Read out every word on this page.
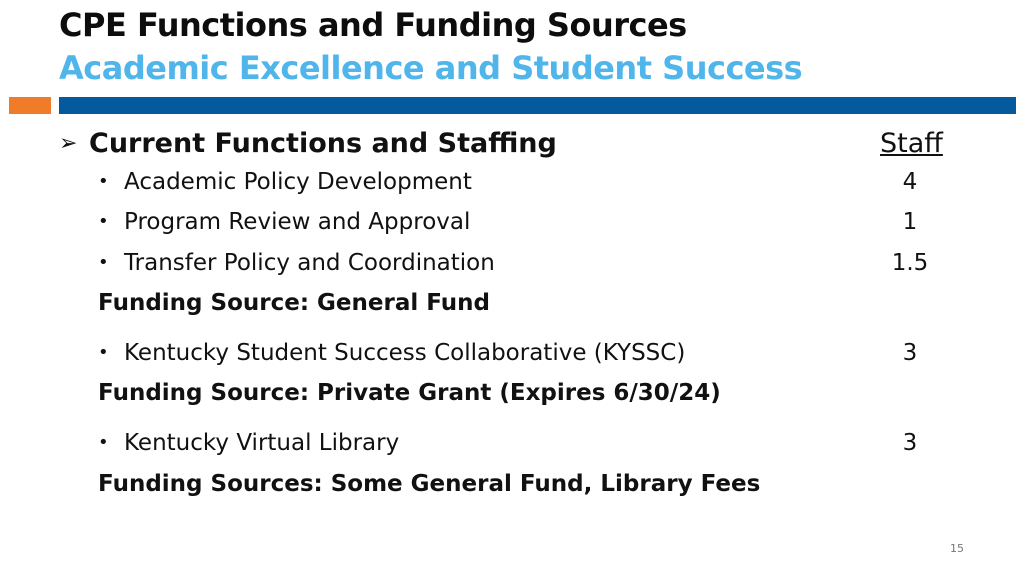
CPE Functions and Funding Sources
Academic Excellence and Student Success
➢ Current Functions and Staffing	Staff
• Academic Policy Development	4
• Program Review and Approval	1
• Transfer Policy and Coordination	1.5
Funding Source: General Fund
• Kentucky Student Success Collaborative (KYSSC)	3
Funding Source: Private Grant (Expires 6/30/24)
• Kentucky Virtual Library	3
Funding Sources: Some General Fund, Library Fees
15
